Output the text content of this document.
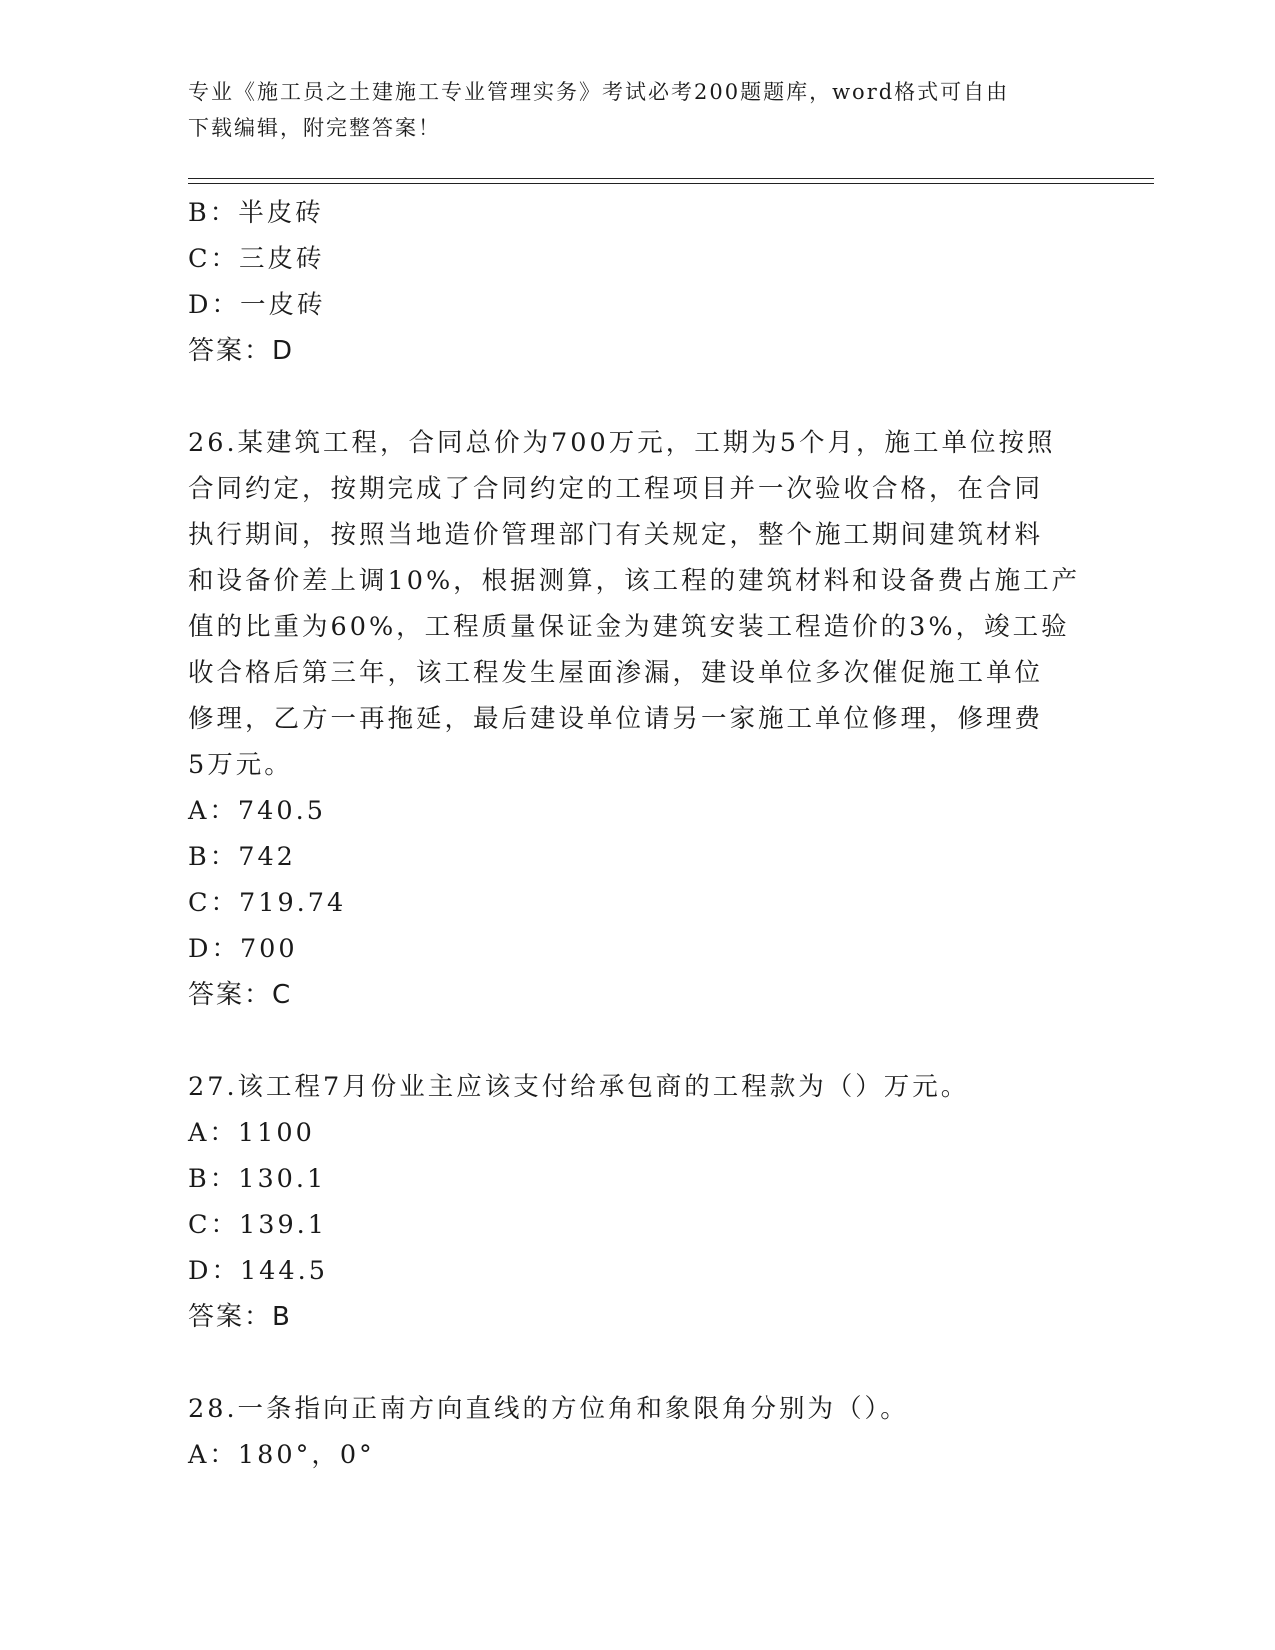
专业《施工员之土建施工专业管理实务》考试必考200题题库，word格式可自由
下载编辑，附完整答案！
B：半皮砖
C：三皮砖
D：一皮砖
答案：D
26.某建筑工程，合同总价为700万元，工期为5个月，施工单位按照
合同约定，按期完成了合同约定的工程项目并一次验收合格，在合同
执行期间，按照当地造价管理部门有关规定，整个施工期间建筑材料
和设备价差上调10%，根据测算，该工程的建筑材料和设备费占施工产
值的比重为60%，工程质量保证金为建筑安装工程造价的3%，竣工验
收合格后第三年，该工程发生屋面渗漏，建设单位多次催促施工单位
修理，乙方一再拖延，最后建设单位请另一家施工单位修理，修理费
5万元。
A：740.5
B：742
C：719.74
D：700
答案：C
27.该工程7月份业主应该支付给承包商的工程款为（）万元。
A：1100
B：130.1
C：139.1
D：144.5
答案：B
28.一条指向正南方向直线的方位角和象限角分别为（）。
A：180°，0°
